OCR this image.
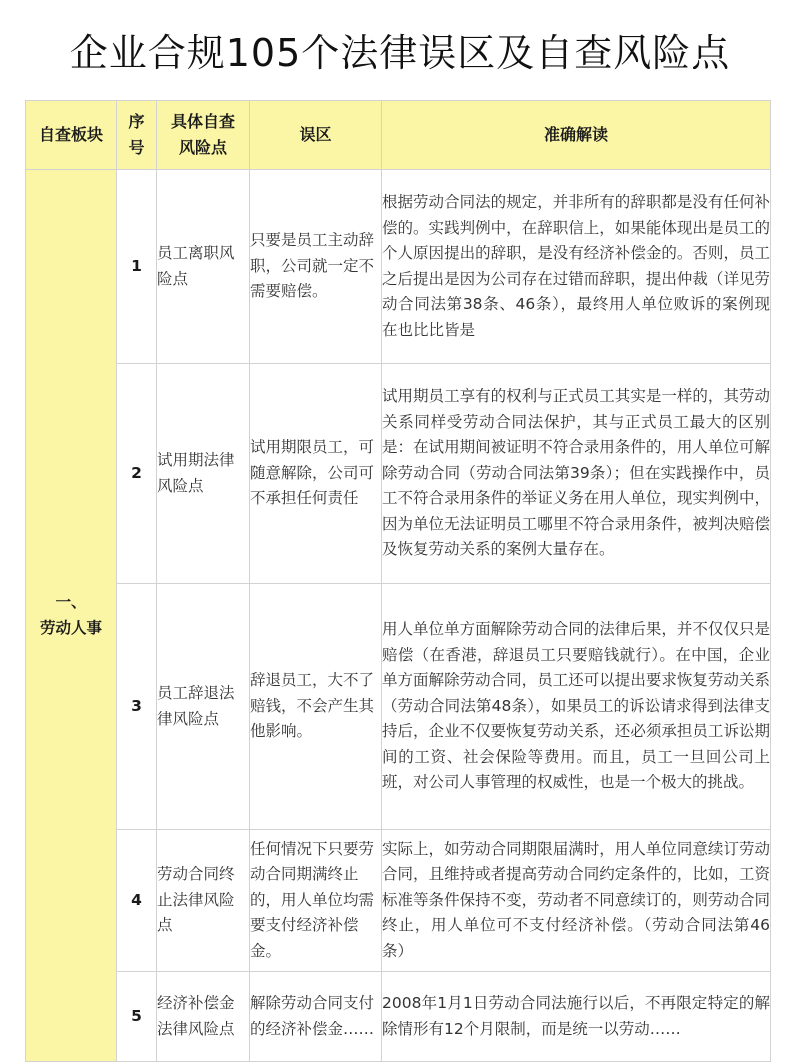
企业合规105个法律误区及自查风险点
自查板块	序号	具体自查风险点	误区	准确解读
一、
劳动人事	1	员工离职风险点	只要是员工主动辞职，公司就一定不需要赔偿。	根据劳动合同法的规定，并非所有的辞职都是没有任何补偿的。实践判例中，在辞职信上，如果能体现出是员工的个人原因提出的辞职，是没有经济补偿金的。否则，员工之后提出是因为公司存在过错而辞职，提出仲裁（详见劳动合同法第38条、46条），最终用人单位败诉的案例现在也比比皆是
	2	试用期法律风险点	试用期限员工，可随意解除，公司可不承担任何责任	试用期员工享有的权利与正式员工其实是一样的，其劳动关系同样受劳动合同法保护，其与正式员工最大的区别是：在试用期间被证明不符合录用条件的，用人单位可解除劳动合同（劳动合同法第39条）；但在实践操作中，员工不符合录用条件的举证义务在用人单位，现实判例中，因为单位无法证明员工哪里不符合录用条件，被判决赔偿及恢复劳动关系的案例大量存在。
	3	员工辞退法律风险点	辞退员工，大不了赔钱，不会产生其他影响。	用人单位单方面解除劳动合同的法律后果，并不仅仅只是赔偿（在香港，辞退员工只要赔钱就行）。在中国，企业单方面解除劳动合同，员工还可以提出要求恢复劳动关系（劳动合同法第48条），如果员工的诉讼请求得到法律支持后，企业不仅要恢复劳动关系，还必须承担员工诉讼期间的工资、社会保险等费用。而且，员工一旦回公司上班，对公司人事管理的权威性，也是一个极大的挑战。
	4	劳动合同终止法律风险点	任何情况下只要劳动合同期满终止的，用人单位均需要支付经济补偿金。	实际上，如劳动合同期限届满时，用人单位同意续订劳动合同，且维持或者提高劳动合同约定条件的，比如，工资标准等条件保持不变，劳动者不同意续订的，则劳动合同终止，用人单位可不支付经济补偿。（劳动合同法第46条）
	5	经济补偿金法律风险点	解除劳动合同支付的经济补偿金……	2008年1月1日劳动合同法施行以后，不再限定特定的解除情形有12个月限制，而是统一以劳动……
